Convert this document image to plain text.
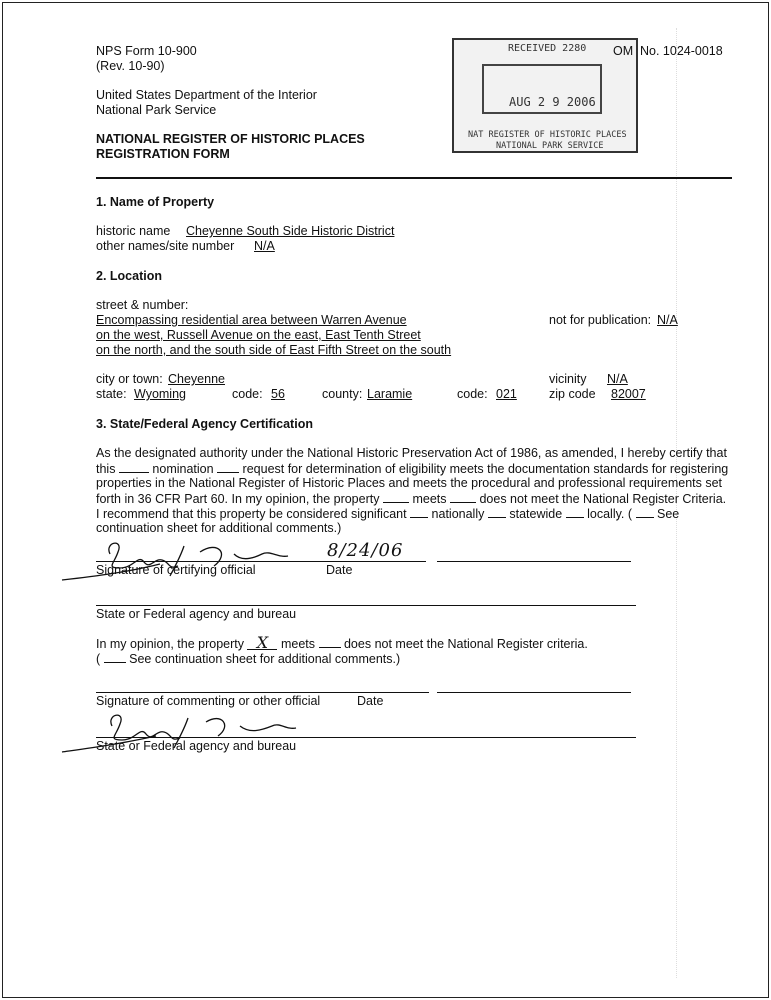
NPS Form 10-900
(Rev. 10-90)
United States Department of the Interior
National Park Service
NATIONAL REGISTER OF HISTORIC PLACES
REGISTRATION FORM
RECEIVED 2280
AUG 2 9 2006
NAT REGISTER OF HISTORIC PLACES
NATIONAL PARK SERVICE
OM No. 1024-0018
1. Name of Property
historic name Cheyenne South Side Historic District
other names/site number N/A
2. Location
street & number:
Encompassing residential area between Warren Avenue
on the west, Russell Avenue on the east, East Tenth Street
on the north, and the south side of East Fifth Street on the south
not for publication: N/A
city or town: Cheyenne	vicinity N/A
state: Wyoming	code: 56	county: Laramie	code: 021	zip code 82007
3. State/Federal Agency Certification
As the designated authority under the National Historic Preservation Act of 1986, as amended, I hereby certify that
this	nomination request for determination of eligibility meets the documentation standards for registering
properties in the National Register of Historic Places and meets the procedural and professional requirements set
forth in 36 CFR Part 60. In my opinion, the property	meets	does not meet the National Register Criteria.
I recommend that this property be considered significant nationally statewide locally. ( See
continuation sheet for additional comments.)
8/24/06
Signature of certifying official	Date
State or Federal agency and bureau
In my opinion, the property X meets does not meet the National Register criteria.
( See continuation sheet for additional comments.)
Signature of commenting or other official	Date
State or Federal agency and bureau
